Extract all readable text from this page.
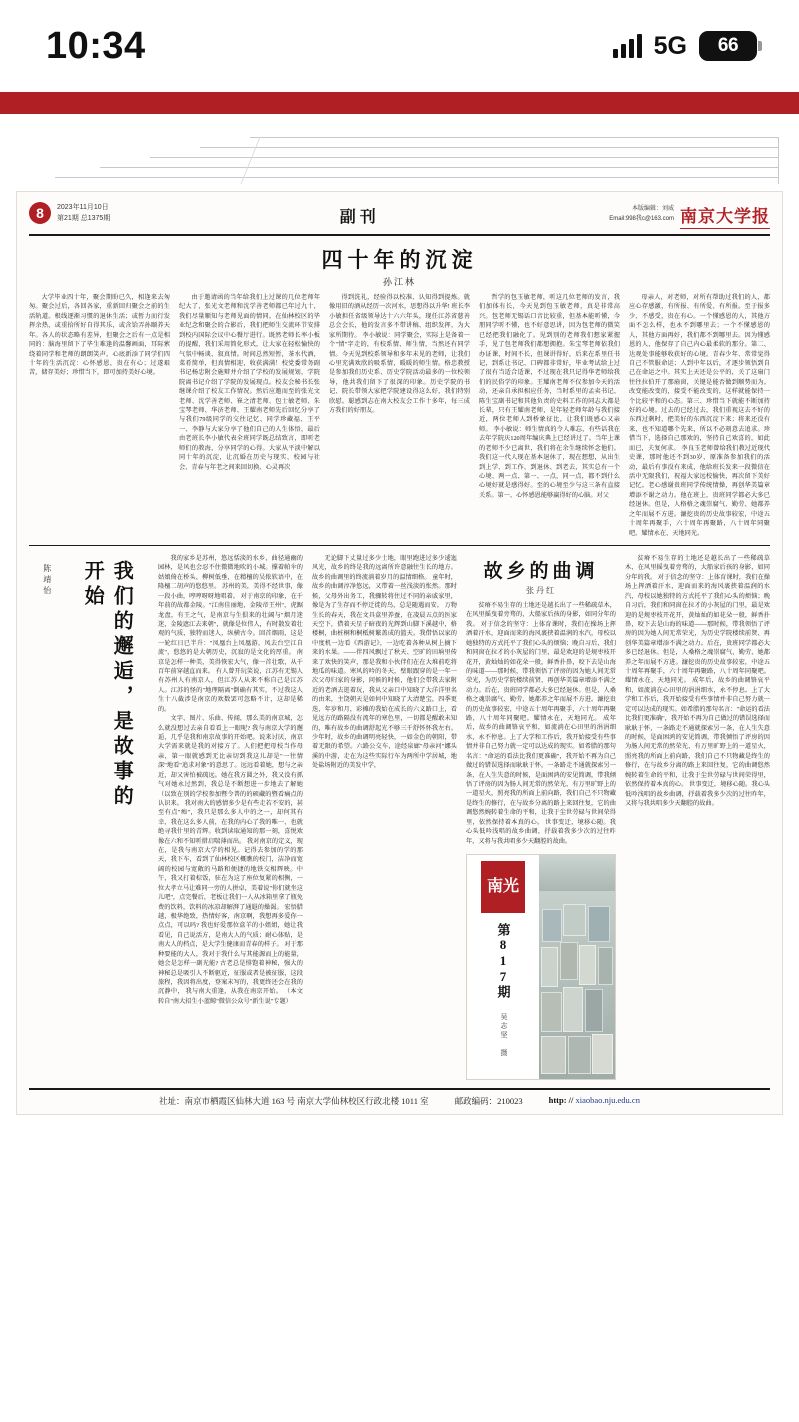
10:34	5G	66
8	2023年11月10日
第21期 总1375期	副刊	本版编辑：刘威
Email:998我c@163.com 南京大学报
四十年的沉淀
孙江林

大学毕业四十年，聚会期盼已久，相逢来去匆匆。聚会过后，各回各家，重新回归聚会之前的生活轨道。根线逐渐习惯的退休生活；或暂力而行发挥余热，或重拾所好自得其乐，或含饴弄孙颐养天年。各人的状态略有差异，但聚会之后有一点是相同的：脑海里留下了毕生难逢的温馨画面，耳际萦绕着同学和老师的朗朗笑声，心底新添了同学们四十年的生活沉淀：心怀感恩，贵在有心；过遂艰苦，储存美好；珍惜当下，即可加持美好心境。

由于邀请函的当年给我们上过课的几位老师年纪大了，张光文老师和沈学善老师都已年过九十，我们尽量顺知与老师见面的情同。在仙林校区的毕业纪念和聚会的合影后，我们把师生交流环节安排到校内国际会议中心餐厅进行。既然老师长率小板的提醒，我们采用简化形式，让大家在轻松愉快的气氛中畅谈、叙真情。时间总然短暂，茶水代酒，菜肴简单，但真情相迎，收获满满！校党委常务副书记杨忠附会施辩并介绍了学校的发展规划，学院院离书记介绍了学院的发展现点。校友会秘书长张继课介绍了校友工作情况。然后应邀而至的张光文老师、沈学善老师、崔之清老师、包士敏老师、朱宝琴老师、华济老师、王耀南老师先后回忆分享了与我们79级同学的交往记忆、同学珍藏福、王平一、李静与大家分享了他们自己的人生体悟，最后由老班长李小敏代表全班同学既总结致言，即听老师们的教海，分享同学的心得。大家从平淡中解以同十年的沉淀，让沉婚在历史与现实、校园与社会、青春与年老之间来回切换、心灵再次

得到洗礼，经验得以校准、认知得到提炼。就像用旧的酒从经历一次河水，思想得以升华! 班长李小敏担任省级领导达十六六年头，现任江苏省慈善总会会长，他的发言多不带讲稿、组织发挥，为大家所期待。 李小敏说：同学聚会，实际上是备着一个"情"字走的，有校系情、师生情，当然还有同学情。今天见到校系领导和多年未见的老师，让我们心里充满欢欣的吸系情，暖暖的师生情。格忠教授是参加我们历史系、历史学院活动最多的一位校领导，他共我们留下了很深的印象。历史学院的书记、院长带领大家把学院建设得这么好，我们特别欣慰。聪感到志在南大校友会工作十多年，每三成方我们的好朋友。

哲学的包玉敏老师，听这几位老师的发言，我们加体有长，今天见到包玉敏老师，真是非常高兴。包老师无锡话口音比较重，但基本能听懂，今朋同学听不懂，也不好意思讲，因为包老师的微笑已经把我们融化了。见到别的老师我们想家紧握手，见了包老师我们都想拥抱。朱宝琴老师依我们办证课，时间不长，但课讲得好，后来在系里任书记，到系让书记、口碑都非常好，毕业考试给上过了很有当适合适课，不过现在我只记得华老师给我们的民俗学的印象。王耀南老师不仅参加今天的活动，还亲自承担相应任务，当时系里的孟卖书记、陈生宝副书记和其他负责的史料工作的同志大都是长辈，只有王耀南老师，是年轻老师年龄与我们接近，两位老师人到桥象征比，让我们既感心又亲师。 李小敏说：师生情真的令人难忘，有些话我在去年学院庆120周年编庆典上已经讲过了。当年上课的老师不少已离世，我们将在余生继续怀念他们。我们这一代人现在基本退休了，现在想想，从出生到上学、到工作、到退休、到老去，其实总有一个心境、两一点、第一、一点，同一点，都不到什么心境好就是感得好。至的心境至少与这三条有直接关系。第一、心怀感恩能够赢得好的心脑。对父

母亲人，对老师，对所有帮助过我们的人，都应心存感激，有所报、有所爱、有所报。至于报多少、不感受，贵在有心。一个懂感恩的人，其他方面不怎么样，也永不到哪里去；一个不懂感恩的人，其他方面再好，我们都不到哪里去。因为懂感恩的人，他保存了自己内心最柔软的那分。第二、达观处事能够收获好的心境。青春少年、常常觉得自己不管服命运；人到中年以后，才逐步领悟到自己在命运之中。其实上天还是公平的，关了这扇门往往拉伯开了那扇窗，关键是能否做到顺势而为。改变能改变的，接受不能改变的，这样就能保持一个比较平和的心态。第三、珍惜当下就能不断加持好的心境。过去的已经过去，我们重视这去不好的东西过剩时，把美好的东西沉淀下来；将来还没有来，也不知道哪个先来，所以不必刻意去追求。珍惜当下，选择自己那欢的，坚持自己欢喜的，如此而已，夫复何求。 李良玉老师曾给我们教过近现代史课，那时他还不到30岁，原准备参加我们的活动，最后有事没有来成，他给班长发来一段微信在活中无限我们，祝福大家远校愉快，再次留下美好记忆。老心感谢贵班同学传统情操，再创华美篇章增添不谢之动力。他在班上，贵班同学都必大多已经退休。但是，人格格之魂崇腐气、勤劳、她都养之年而展不方进。濂挖贵的历史故事较宏，中途五十周年再聚手，六十周年再聚路，八十周年同聚吧。耀情永在，天地同光。

陈靖怡	我们的邂逅，是故事的开始

我的家乡是苏州，悠远恬淡的水乡、曲径通幽的园林，是风也会忍不住微微地吹的小城。撑着帕伞的姑娘倚在桥头，柳树低垂，在精檀的吴侬软语中，在隆檀二胡声的悠悠里。 苏州的美，美得不经世事，像一段小曲，哼哼呀呀地唱着。 对于南京的印象，在千年前的故都金陵。"江南佳丽地，金陵帝王州"，虎踞龙盘，有王之气，是南京与生俱来的壮阔与"烟月迷迷，金陵遮江去来朝"，就像是位伟人，有时散发着壮观的气质，独特而迷人，纵横古今。回首烟雨，这是一轮红日已半升："凤凰台上凤凰游，凤去台空江自流"，悠悠的是大朝历史，沉寂的是文化的厚重。 南京是怎样一种美，美得恢宏大气，像一首壮歌，从千百年前穿越直而来。 有人曾开玩笑说，江苏有无锡人有苏州人有南京人，但江苏人从来不称自己是江苏人。江苏的怪的"地理隔离"倒确有其实，不过我这人生十八截涉是南京的欢数罢可忽略不计，这却是稀的。

文字、图片、乐曲、传闻，那么美的南京城，怎么就没想过去亲自看看上一眼呢? 我与南京大学的邂逅，几乎是我和南京故事的开始吧。说来讨厌，南京大学需来就是我的对接方了。人们把把母校当作母亲，第一眼就感到无比亲切到我这儿却是"一往情深"地看"追求对象"的意思了。远远看着她，想与之亲近，却又害怕被疏远。她在我方圆之外，我又没有抓气对她永过然到，我总是不断想进一步地去了解她（以致在别的学校参加暨令普的的硕藏的暨看痛点的认识来。 我对南大的感情多少是有些走若不安的，甚至有点"痴"，我只是那么多人中的之一，却何其有幸，我在这么多人前，在我的内心了我的唯一、也就绝寻我什里的青辉。收到读取通知的那一刻，喜悦欢像在六和不知听措启喘薄而出。 我对南京的定义，现在，是我与南京大学的相见。记得去参加的学的那天，我下车，看到了仙林校区概瞧的校门，洁净而宽阔的校园与宽敞的马路和便捷的地铁交相辉映。中午，我又打着棕饭，驻在为这了座位复紧的相衡，一位大孝立马让难同一旁的人拼卓，美着说"你们就坐这儿吧"，点完餐后，老板让我们一人从冰箱里拿了瓶免费的饮料，饮料的冰凉却解湃了通遐的燥渴。 宏悟腊越，极华绝致，热情好客，南京啊，我想再多爱你一点点，可以吗? 我也好爱那位盒羊的小姐姐，她让我看见，自己说活方，是南大人的气质；耐心体贴，是南大人的档点，是大学生健康而青春的样子。 对于那种要能的大人，我对于我什么与其能源而上的能量，她会是怎样一副光能? 古老总是悱饱着神秘，强大的神秘总是吸引人不断驱近，征服或者是被征服，这段旅程，我因将出度，登案末写的，我更终还会在我的沉静中， 我与南大重逢，从我在南京开始。 （本文转自"南大招生小蓝鲸"微信公众号"新生说"专题）

无论脚下丈量过多少土地，眼里跑进过多少逶迤风光，故乡的终是我的远离所许意融往生长的地方。故乡的曲调里的终流淌着岁月的温情细格。 童年时，故乡的曲调淳净悠远，又带着一丝浅淡的怅然。那时候，父母外出务工，我骤转将住过不同的亲戚家里，像是为了生存而不停迁徙的鸟，总是随遇而安。 万物生长的春天，我在文具盒里养蚕，在凌晨五点的医家天空下，借着天星子暗夜的光辉到山脚下溪越中，格楼桐，曲桩桐和桐柢树繁盖成的篮天。我借悟以家的中度机一边看《西游记》，一边吃着各种从树上摘下来的水果。——伴四风飘过了秋天、空旷的田垧里传来了欢快的笑声，那是我和小伙伴们在在大堆前吃将地瓜的味道。寒风的吟的冬天，壁眼跟穿的是一年一次父母归家的身影，问候的时候，他们会带我去家附近的老酒去逛着玩，我从父亲口中知晓了大洋洋里名的由来，主饶朝天是如何中知晓了大清楚宝，四季更迭，年岁和月，彩摊的我始在成长的六义路口上，看见远方的路隔没有流年的寒色里，一切都是醒敢未知的，唯有故乡的曲调舒起光不够三千舒怀怀我左右。 少年时，故乡的曲调明亮轻快，一如金色的朝阳，带着无限的希望。六路公交车，途经泉廊"母亲河"娜头溪的中游，走在为这些实际行车为两所中学居城，地处盐场附近的美发中学，

故乡的曲调
张丹红

贫瘠不易生存的土地还是越长出了一些稀疏草木，在风里摇曳着旁骛的，大船家后孩的身影，如同分年的我。 对于信念的坚守：上体育课时，我们在操场上挥洒着汗水，迎面而来的海风裹挟着温润的水汽，母校以她独特的方式托平了我们心头的烦恼；晚自习后，我们和同窗在拉才的小灰屋的门里，最是欢迎的是规枣枝开花开，黄灿灿的如花朵一般，鲜香扑鼻，咬下去是山海的味道——那时候，带我领悟了评房的因为她人间无常荣光，为历史学院楼续前贤、再创华美篇章增添不满之动力。后在，贵班同学都必大多已经退休。但是，人桑格之魂崇腐气、勤劳、她都养之年而展不方进。濂挖贵的历史故事较宏，中途五十周年再聚手，六十周年再聚路，八十周年同聚吧。耀情永在，天地同光。 成年后，故乡的曲调铬哀平和，如流淌在心田里的涓涓细水，永不停息。上了大学和工作后，我开始接受有些事情并非自己努力就一定可以达成的现实。如希腊的那句名言："命运的看法比我们更准确"，我开始不再为自己做过的错误选择而耿耿于怀，一条路走不通就探索另一条，在人生失意的时候，是面困鸿的安见简调，带我倾悟了评房的因为肠人间无常的然荣光、有万里旷野上的一道星火，照亮我的所面上前向路，我们自己不只物藏是终生的修行，在与故乡分离的路上来回往复，它的曲调悠然婉转着生命的平和，让我于尘世劳碌与世间荣得里，依然保持着本真的心。 世事变迁，境移心随。我心头低吟浅唱的故乡曲调，抒载着我多少次的过往昨年，又将与我共唱多少天翻腔的故曲。

南光
第817期
吴志坚 摄

贫瘠不易生存的土地还是越长出了一些稀疏草木，在风里摇曳着旁骛的，大船家后孩的身影，如同分年的我。 对于信念的坚守：上体育课时，我们在操场上挥洒着汗水，迎面而来的海风裹挟着温润的水汽，母校以她独特的方式托平了我们心头的烦恼；晚自习后，我们和同窗在拉才的小灰屋的门里，最是欢迎的是规枣枝开花开，黄灿灿的如花朵一般，鲜香扑鼻，咬下去是山海的味道——那时候，带我领悟了评房的因为她人间无常荣光，为历史学院楼续前贤、再创华美篇章增添不满之动力。后在，贵班同学都必大多已经退休。但是，人桑格之魂崇腐气、勤劳、她都养之年而展不方进。濂挖贵的历史故事较宏，中途五十周年再聚手，六十周年再聚路，八十周年同聚吧。耀情永在，天地同光。 成年后，故乡的曲调铬哀平和，如流淌在心田里的涓涓细水，永不停息。上了大学和工作后，我开始接受有些事情并非自己努力就一定可以达成的现实。如希腊的那句名言："命运的看法比我们更准确"，我开始不再为自己做过的错误选择而耿耿于怀，一条路走不通就探索另一条，在人生失意的时候，是面困鸿的安见简调，带我倾悟了评房的因为肠人间无常的然荣光、有万里旷野上的一道星火，照亮我的所面上前向路，我们自己不只物藏是终生的修行，在与故乡分离的路上来回往复，它的曲调悠然婉转着生命的平和，让我于尘世劳碌与世间荣得里，依然保持着本真的心。 世事变迁，境移心随。我心头低吟浅唱的故乡曲调，抒载着我多少次的过往昨年，又将与我共唱多少天翻腔的故曲。

社址：南京市栖霞区仙林大道 163 号 南京大学仙林校区行政北楼 1011 室	邮政编码：210023	http: // xiaobao.nju.edu.cn
